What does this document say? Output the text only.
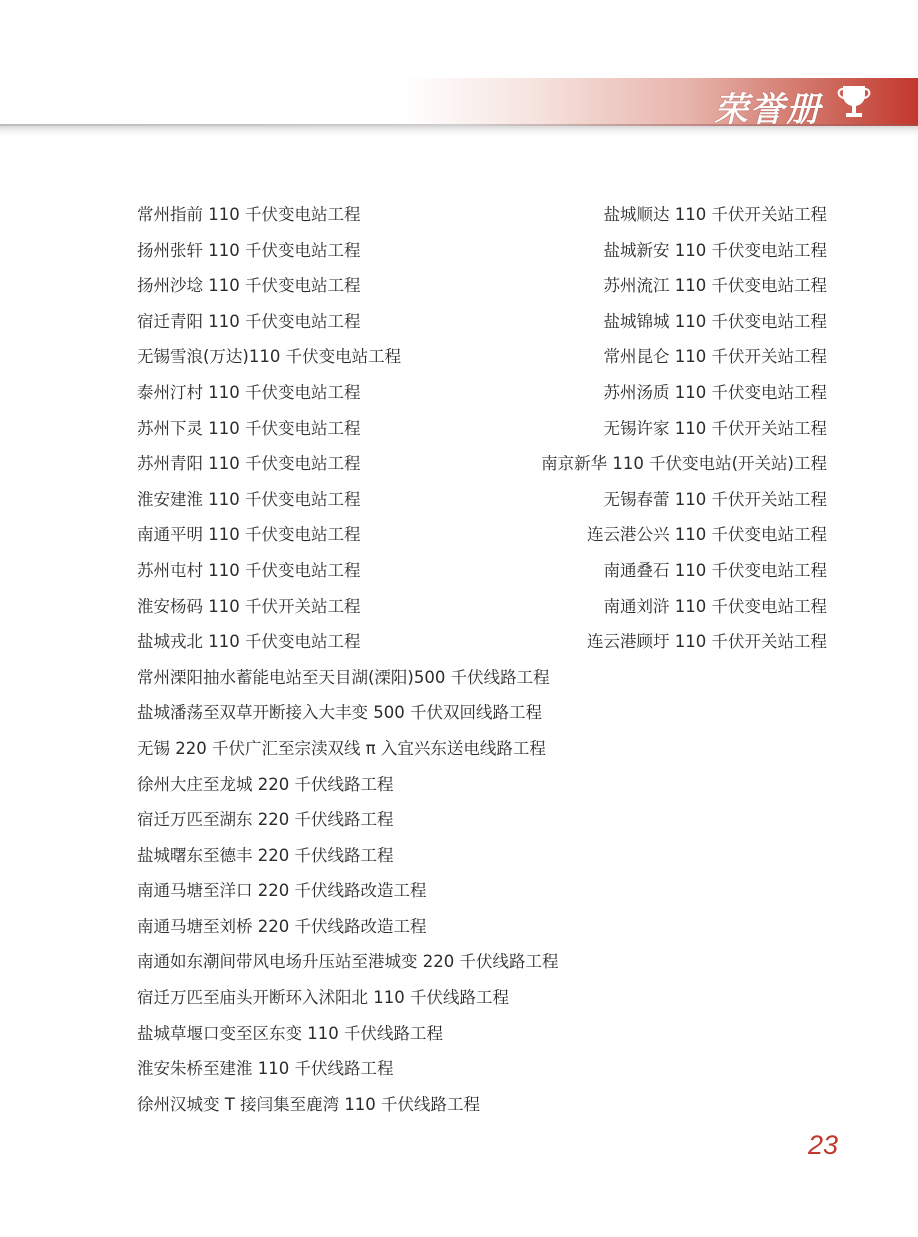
荣誉册
常州指前 110 千伏变电站工程	盐城顺达 110 千伏开关站工程
扬州张轩 110 千伏变电站工程	盐城新安 110 千伏变电站工程
扬州沙埝 110 千伏变电站工程	苏州流江 110 千伏变电站工程
宿迁青阳 110 千伏变电站工程	盐城锦城 110 千伏变电站工程
无锡雪浪(万达)110 千伏变电站工程	常州昆仑 110 千伏开关站工程
泰州汀村 110 千伏变电站工程	苏州汤质 110 千伏变电站工程
苏州下灵 110 千伏变电站工程	无锡许家 110 千伏开关站工程
苏州青阳 110 千伏变电站工程	南京新华 110 千伏变电站(开关站)工程
淮安建淮 110 千伏变电站工程	无锡春蕾 110 千伏开关站工程
南通平明 110 千伏变电站工程	连云港公兴 110 千伏变电站工程
苏州屯村 110 千伏变电站工程	南通叠石 110 千伏变电站工程
淮安杨码 110 千伏开关站工程	南通刘浒 110 千伏变电站工程
盐城戎北 110 千伏变电站工程	连云港顾圩 110 千伏开关站工程
常州溧阳抽水蓄能电站至天目湖(溧阳)500 千伏线路工程
盐城潘荡至双草开断接入大丰变 500 千伏双回线路工程
无锡 220 千伏广汇至宗渎双线 π 入宜兴东送电线路工程
徐州大庄至龙城 220 千伏线路工程
宿迁万匹至湖东 220 千伏线路工程
盐城曙东至德丰 220 千伏线路工程
南通马塘至洋口 220 千伏线路改造工程
南通马塘至刘桥 220 千伏线路改造工程
南通如东潮间带风电场升压站至港城变 220 千伏线路工程
宿迁万匹至庙头开断环入沭阳北 110 千伏线路工程
盐城草堰口变至区东变 110 千伏线路工程
淮安朱桥至建淮 110 千伏线路工程
徐州汉城变 T 接闫集至鹿湾 110 千伏线路工程
23
